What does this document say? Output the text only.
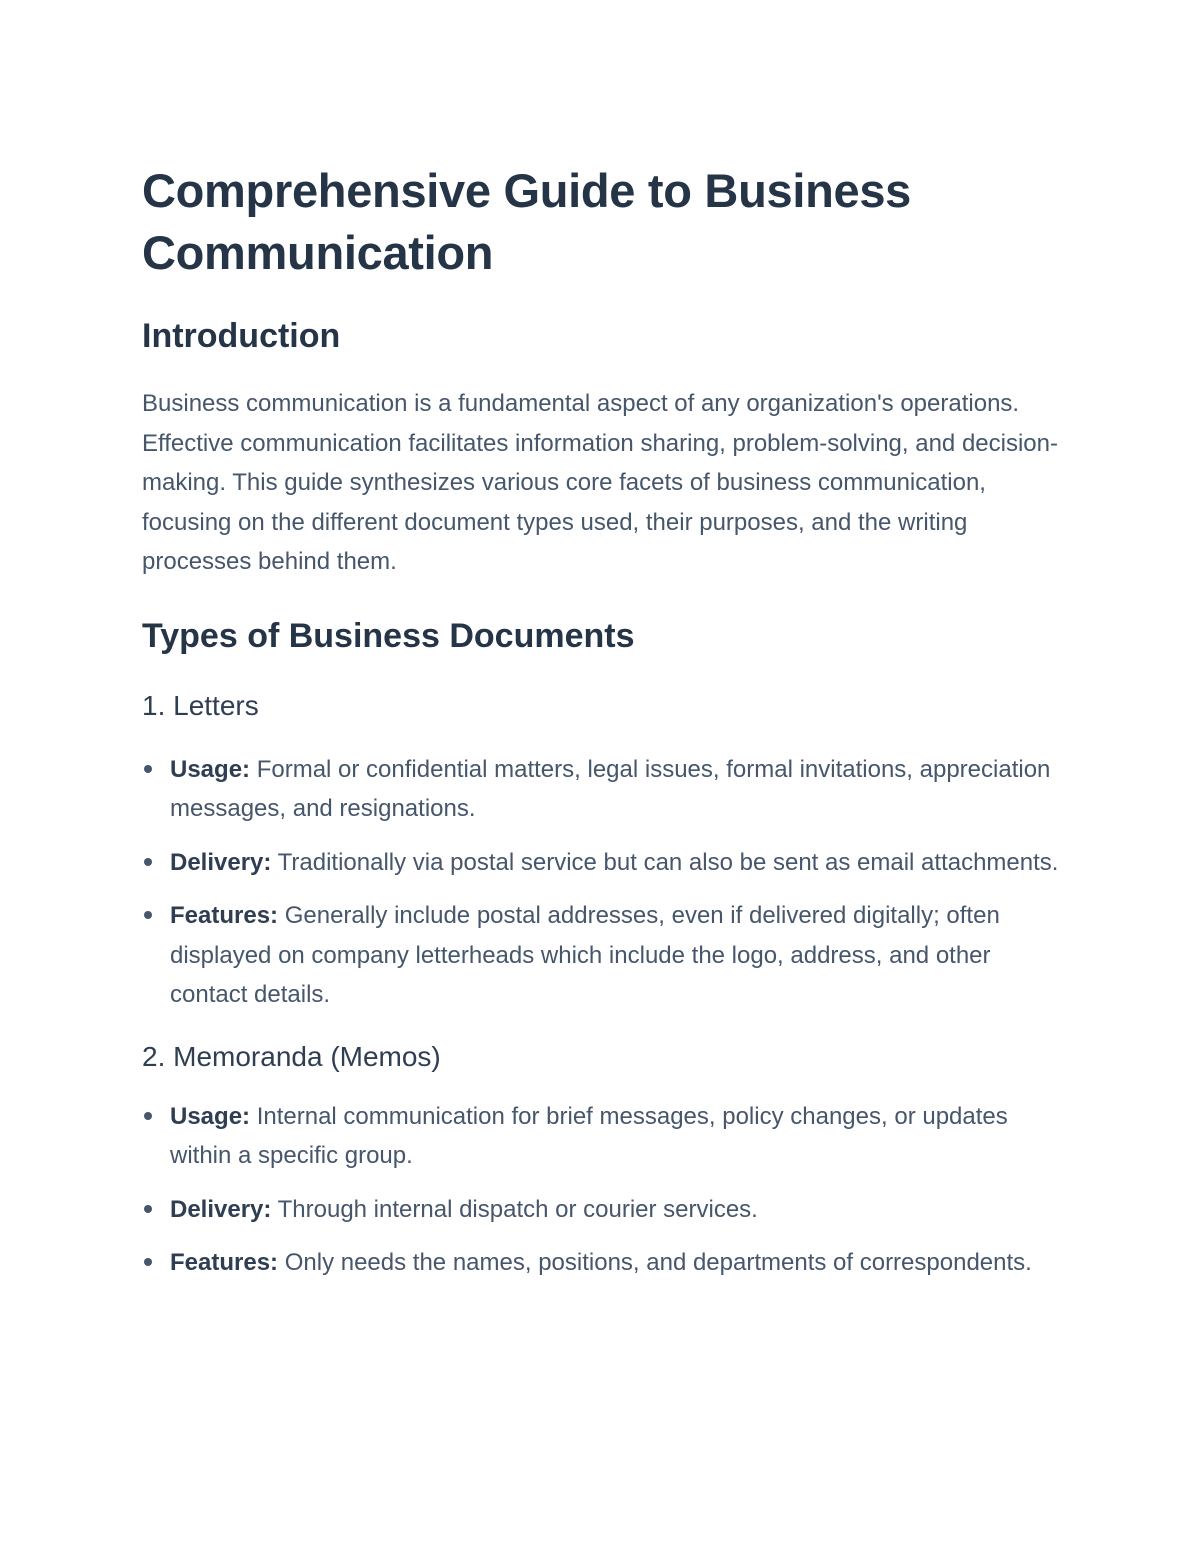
Comprehensive Guide to Business Communication
Introduction

Business communication is a fundamental aspect of any organization's operations. Effective communication facilitates information sharing, problem-solving, and decision-making. This guide synthesizes various core facets of business communication, focusing on the different document types used, their purposes, and the writing processes behind them.

Types of Business Documents
1. Letters
Usage: Formal or confidential matters, legal issues, formal invitations, appreciation messages, and resignations.
Delivery: Traditionally via postal service but can also be sent as email attachments.
Features: Generally include postal addresses, even if delivered digitally; often displayed on company letterheads which include the logo, address, and other contact details.
2. Memoranda (Memos)
Usage: Internal communication for brief messages, policy changes, or updates within a specific group.
Delivery: Through internal dispatch or courier services.
Features: Only needs the names, positions, and departments of correspondents.
